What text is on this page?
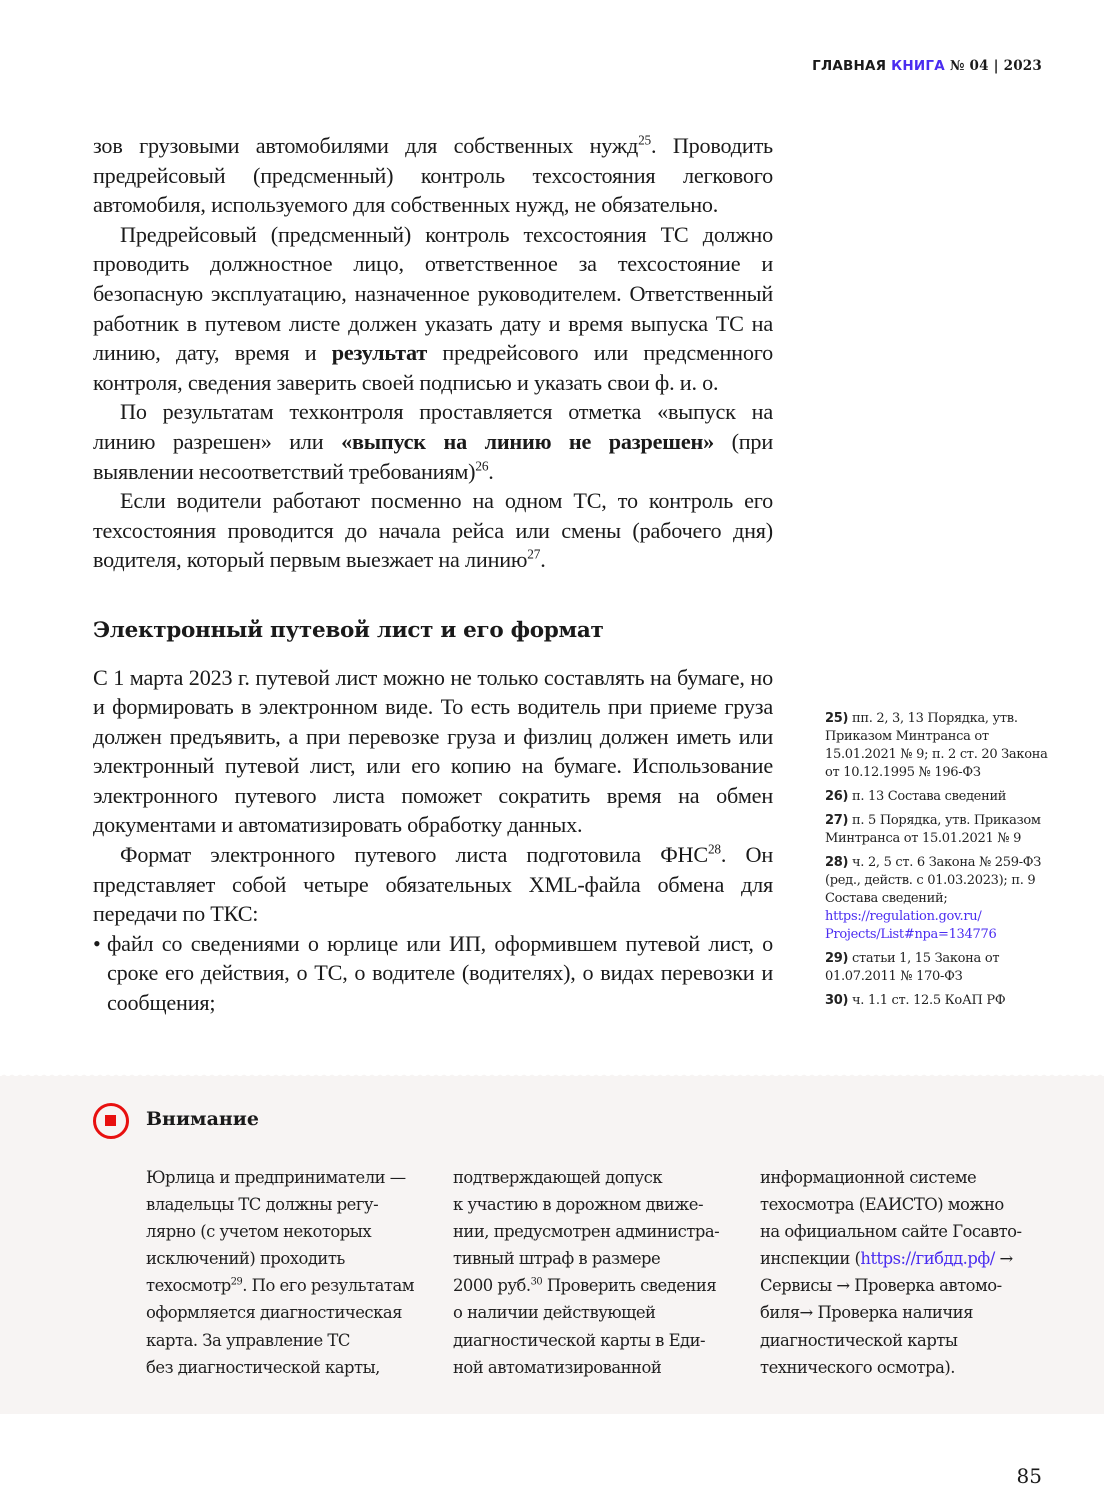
ГЛАВНАЯ КНИГА № 04 | 2023

зов грузовыми автомобилями для собственных нужд$^{25}$. Проводить предрейсовый (предсменный) контроль техсостояния легкового автомобиля, используемого для собственных нужд, не обязательно.

Предрейсовый (предсменный) контроль техсостояния ТС должно проводить должностное лицо, ответственное за техсостояние и безопасную эксплуатацию, назначенное руководителем. Ответственный работник в путевом листе должен указать дату и время выпуска ТС на линию, дату, время и результат предрейсового или предсменного контроля, сведения заверить своей подписью и указать свои ф. и. о.

По результатам техконтроля проставляется отметка «выпуск на линию разрешен» или «выпуск на линию не разрешен» (при выявлении несоответствий требованиям)$^{26}$.

Если водители работают посменно на одном ТС, то контроль его техсостояния проводится до начала рейса или смены (рабочего дня) водителя, который первым выезжает на линию$^{27}$.

Электронный путевой лист и его формат

С 1 марта 2023 г. путевой лист можно не только составлять на бумаге, но и формировать в электронном виде. То есть водитель при приеме груза должен предъявить, а при перевозке груза и физлиц должен иметь или электронный путевой лист, или его копию на бумаге. Использование электронного путевого листа поможет сократить время на обмен документами и автоматизировать обработку данных.

Формат электронного путевого листа подготовила ФНС$^{28}$. Он представляет собой четыре обязательных XML-файла обмена для передачи по ТКС:

• файл со сведениями о юрлице или ИП, оформившем путевой лист, о сроке его действия, о ТС, о водителе (водителях), о видах перевозки и сообщения;

25) пп. 2, 3, 13 Порядка, утв. Приказом Минтранса от 15.01.2021 № 9; п. 2 ст. 20 Закона от 10.12.1995 № 196-ФЗ
26) п. 13 Состава сведений
27) п. 5 Порядка, утв. Приказом Минтранса от 15.01.2021 № 9
28) ч. 2, 5 ст. 6 Закона № 259-ФЗ (ред., действ. с 01.03.2023); п. 9 Состава сведений; https://regulation.gov.ru/ Projects/List#npa=134776
29) статьи 1, 15 Закона от 01.07.2011 № 170-ФЗ
30) ч. 1.1 ст. 12.5 КоАП РФ
Внимание
Юрлица и предприниматели —
владельцы ТС должны регу-
лярно (с учетом некоторых
исключений) проходить
техосмотр$^{29}$. По его результатам
оформляется диагностическая
карта. За управление ТС
без диагностической карты,
подтверждающей допуск
к участию в дорожном движе-
нии, предусмотрен администра-
тивный штраф в размере
2000 руб.$^{30}$ Проверить сведения
о наличии действующей
диагностической карты в Еди-
ной автоматизированной
информационной системе
техосмотра (ЕАИСТО) можно
на официальном сайте Госавто-
инспекции (https://гибдд.рф/ →
Сервисы → Проверка автомо-
биля→ Проверка наличия
диагностической карты
технического осмотра).
85
